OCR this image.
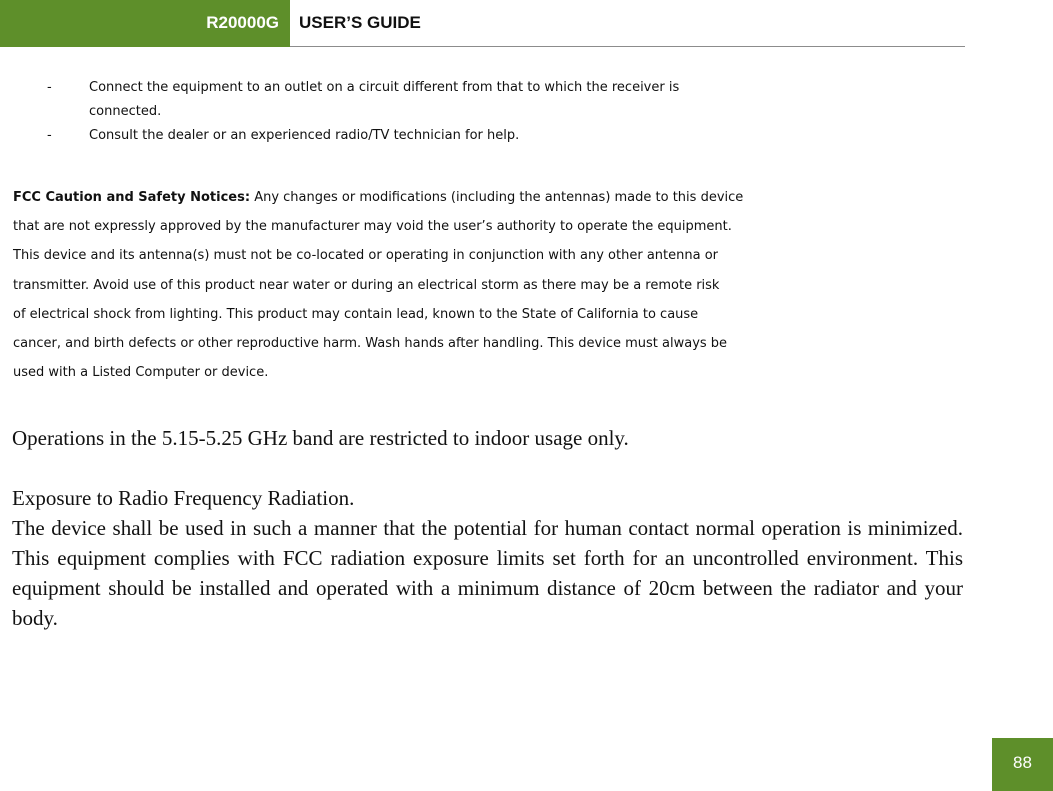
R20000G	USER’S GUIDE
-	Connect the equipment to an outlet on a circuit different from that to which the receiver is
connected.
-	Consult the dealer or an experienced radio/TV technician for help.
FCC Caution and Safety Notices: Any changes or modifications (including the antennas) made to this device
that are not expressly approved by the manufacturer may void the user’s authority to operate the equipment.
This device and its antenna(s) must not be co-located or operating in conjunction with any other antenna or
transmitter. Avoid use of this product near water or during an electrical storm as there may be a remote risk
of electrical shock from lighting. This product may contain lead, known to the State of California to cause
cancer, and birth defects or other reproductive harm. Wash hands after handling. This device must always be
used with a Listed Computer or device.

Operations in the 5.15-5.25 GHz band are restricted to indoor usage only.

Exposure to Radio Frequency Radiation.

The device shall be used in such a manner that the potential for human contact normal operation is minimized. This equipment complies with FCC radiation exposure limits set forth for an uncontrolled environment. This equipment should be installed and operated with a minimum distance of 20cm between the radiator and your body.

88
